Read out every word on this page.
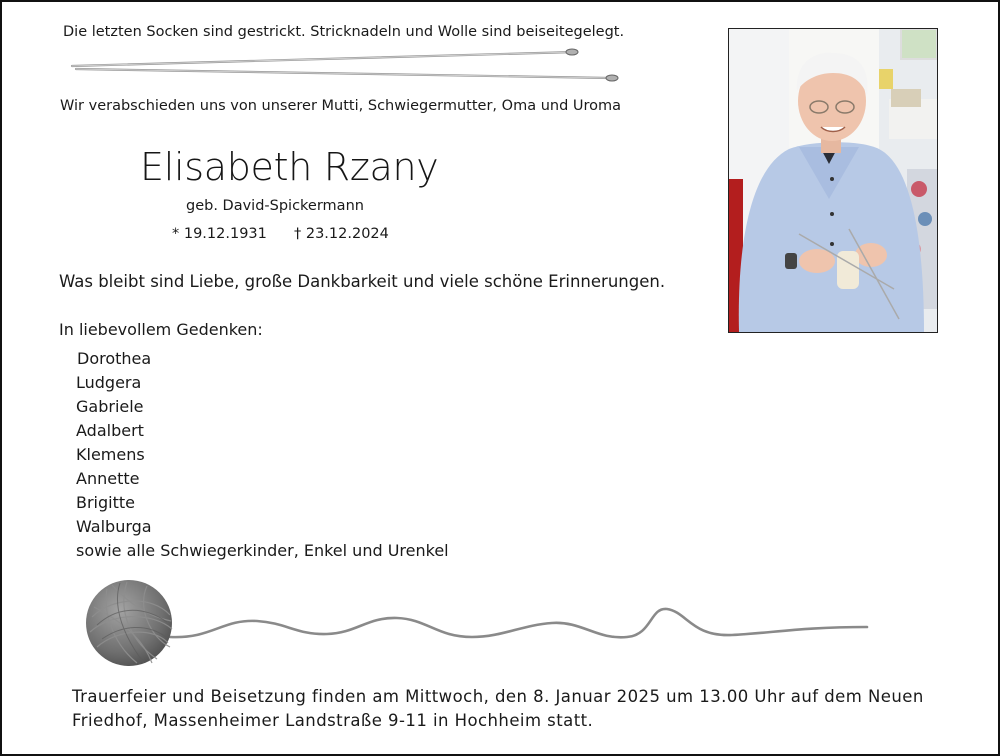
Die letzten Socken sind gestrickt. Stricknadeln und Wolle sind beiseitegelegt.
Wir verabschieden uns von unserer Mutti, Schwiegermutter, Oma und Uroma
Elisabeth Rzany
geb. David-Spickermann
* 19.12.1931 † 23.12.2024
Was bleibt sind Liebe, große Dankbarkeit und viele schöne Erinnerungen.
In liebevollem Gedenken:
Dorothea
Ludgera
Gabriele
Adalbert
Klemens
Annette
Brigitte
Walburga
sowie alle Schwiegerkinder, Enkel und Urenkel
Trauerfeier und Beisetzung finden am Mittwoch, den 8. Januar 2025 um 13.00 Uhr auf dem Neuen Friedhof, Massenheimer Landstraße 9-11 in Hochheim statt.
